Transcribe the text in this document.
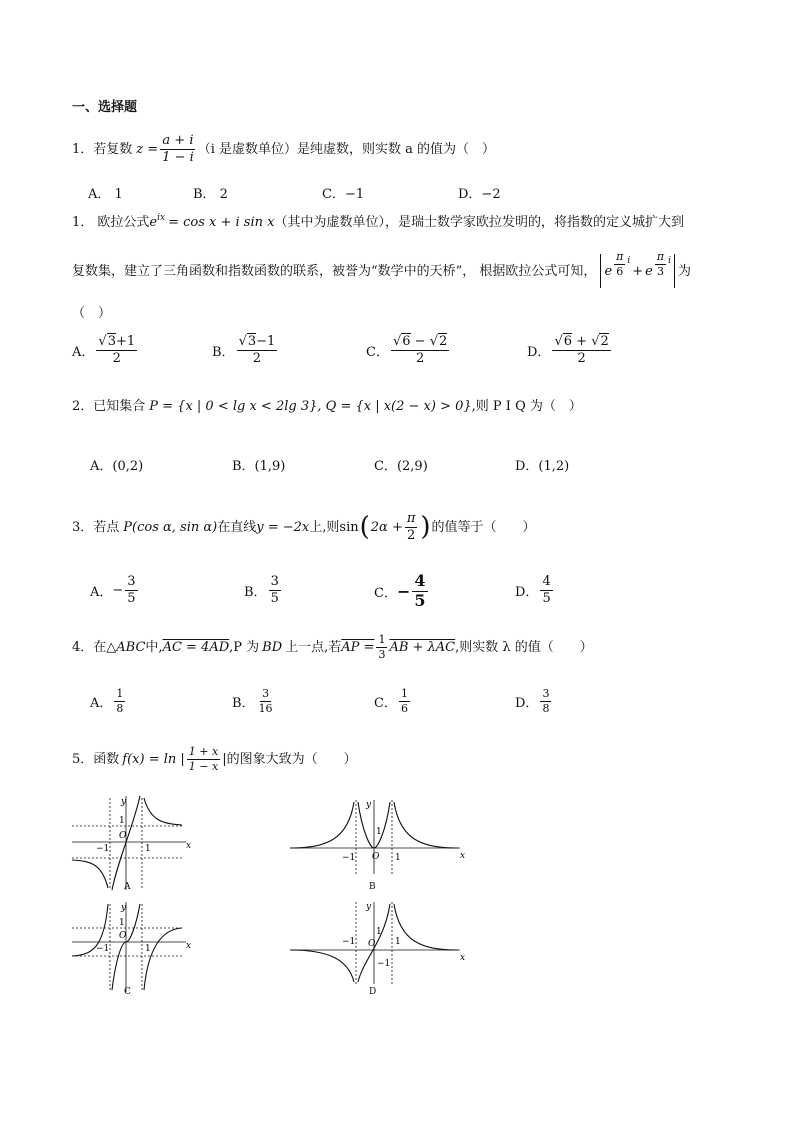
一、选择题
1．若复数 $z = \frac{a + i}{1 - i} (i$ 是虚数单位）是纯虚数，则实数 a 的值为（　）
A． 1	B． 2	C．−1	D．−2
1． 欧拉公式 e ix = cos x + i sin x （其中为虚数单位），是瑞士数学家欧拉发明的，将指数的定义城扩大到
复数集，建立了三角函数和指数函数的联系，被誉为“数学中的天桥”， 根据欧拉公式可知， e $\frac{\pi}{6}$ i
+ e $\frac{\pi}{3}$ i
为
（　）
A． $\frac{√3+1}{2}$	B． $\frac{√3-1}{2}$	C． $\frac{√6 - √2}{2}$	D． $\frac{√6 + √2}{2}$
2．已知集合 P = {x | 0 < lg x < 2lg 3} , Q = {x | x(2 − x) > 0} ,则 P I Q 为（　）
A．(0,2)	B．(1,9)	C．(2,9)	D．(1,2)
3．若点 P(cos α, sin α) 在直线 y = −2x 上,则 sin ( $2\alpha + \frac{\pi}{2}$ ) 的值等于（　　）
A． − $\frac{3}{5}$	B． $\frac{3}{5}$	C． − $\frac{4}{5}$	D． $\frac{4}{5}$
4．在 △ABC 中, AC = 4AD ,P 为 BD 上一点,若 AP = $\frac{1}{3}$ AB + λAC ,则实数 λ 的值（　　）
A． $\frac{1}{8}$	B． $\frac{3}{16}$	C． $\frac{1}{6}$	D． $\frac{3}{8}$
5．函数 f(x) = ln | $\frac{1 + x}{1 - x}$ | 的图象大致为（　　）
y
x
O
1
−1	1
A
y
x
O
1
−1	1
B
y
x
O
1
−1	1
C
y
x
O
1
−1	1
−1
D
